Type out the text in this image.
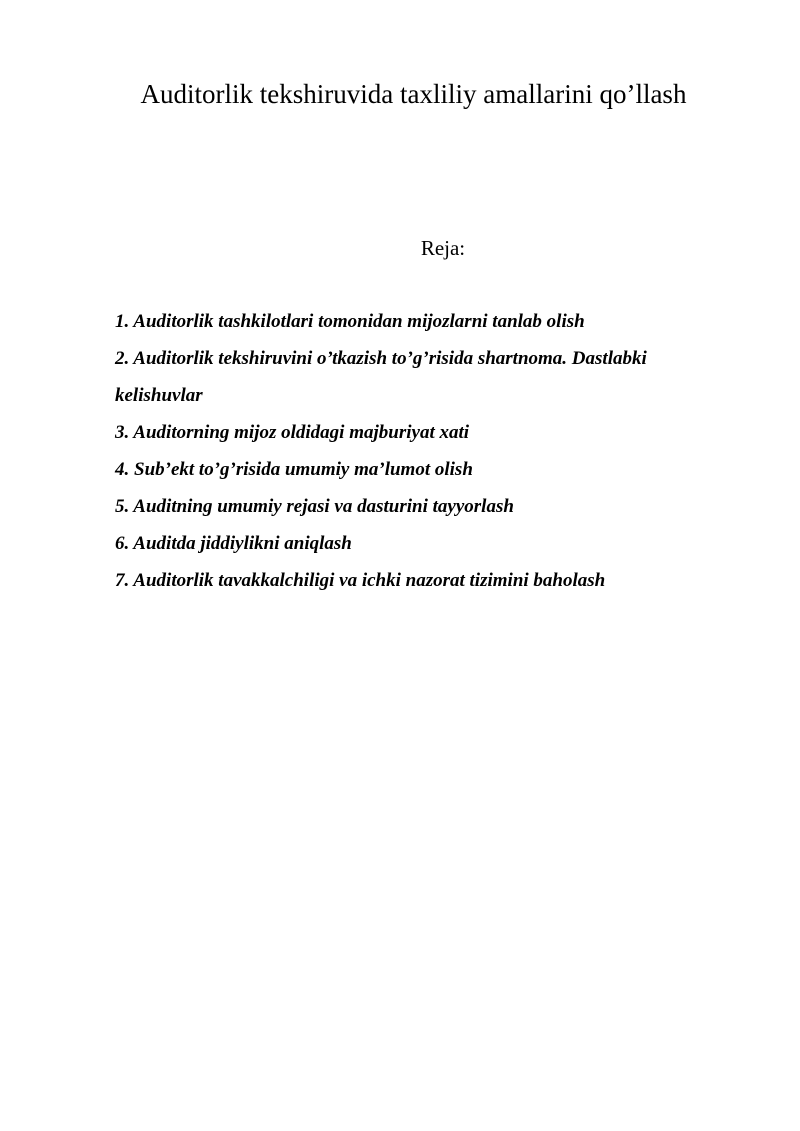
Auditorlik tekshiruvida taxliliy amallarini qo’llash
Reja:
1. Auditorlik tashkilotlari tomonidan mijozlarni tanlab olish
2. Auditorlik tekshiruvini o’tkazish to’g’risida shartnoma. Dastlabki kelishuvlar
3. Auditorning mijoz oldidagi majburiyat xati
4. Sub’ekt to’g’risida umumiy ma’lumot olish
5. Auditning umumiy rejasi va dasturini tayyorlash
6. Auditda jiddiylikni aniqlash
7. Auditorlik tavakkalchiligi va ichki nazorat tizimini baholash
